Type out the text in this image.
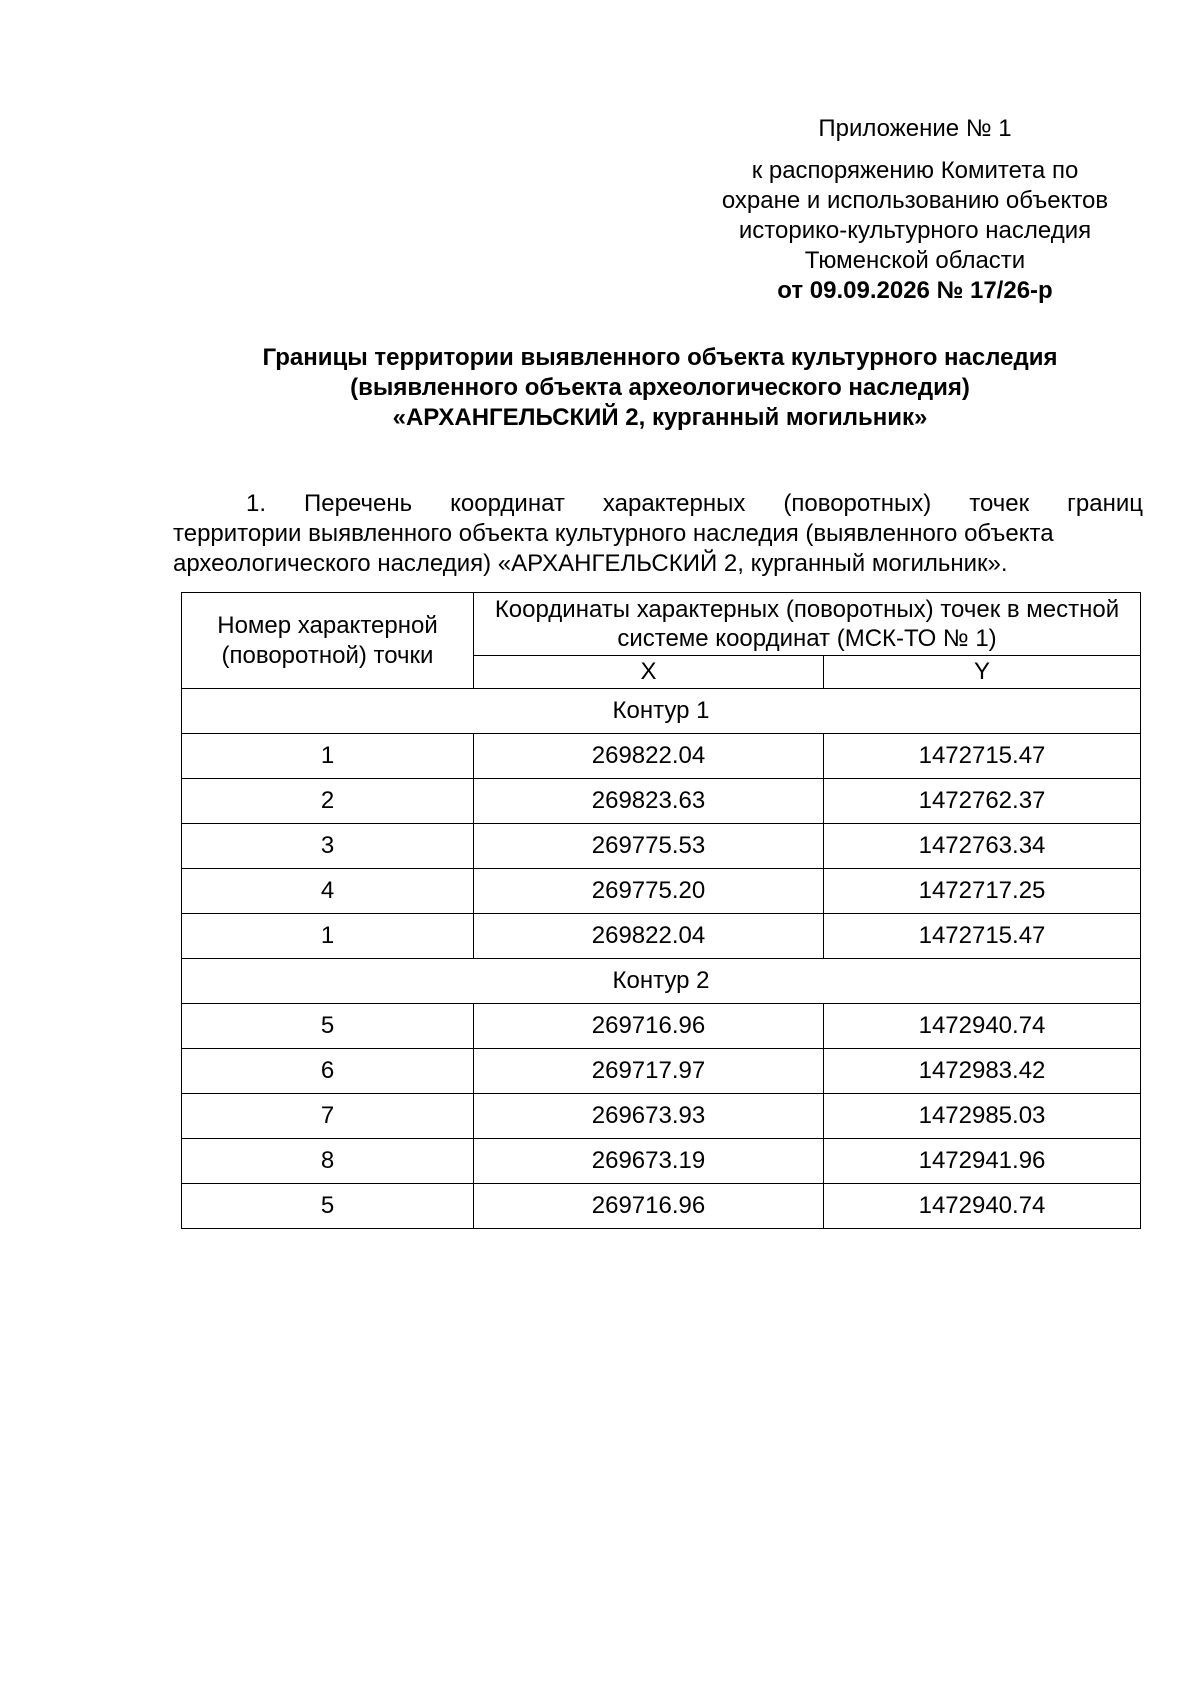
Приложение № 1
к распоряжению Комитета по
охране и использованию объектов
историко-культурного наследия
Тюменской области
от 09.09.2026 № 17/26-р
Границы территории выявленного объекта культурного наследия
(выявленного объекта археологического наследия)
«АРХАНГЕЛЬСКИЙ 2, курганный могильник»
1. Перечень координат характерных (поворотных) точек границ
территории выявленного объекта культурного наследия (выявленного объекта
археологического наследия) «АРХАНГЕЛЬСКИЙ 2, курганный могильник».
Номер характерной (поворотной) точки	Координаты характерных (поворотных) точек в местной системе координат (МСК-ТО № 1)	
	X	Y
Контур 1		
1	269822.04	1472715.47
2	269823.63	1472762.37
3	269775.53	1472763.34
4	269775.20	1472717.25
1	269822.04	1472715.47
Контур 2		
5	269716.96	1472940.74
6	269717.97	1472983.42
7	269673.93	1472985.03
8	269673.19	1472941.96
5	269716.96	1472940.74
